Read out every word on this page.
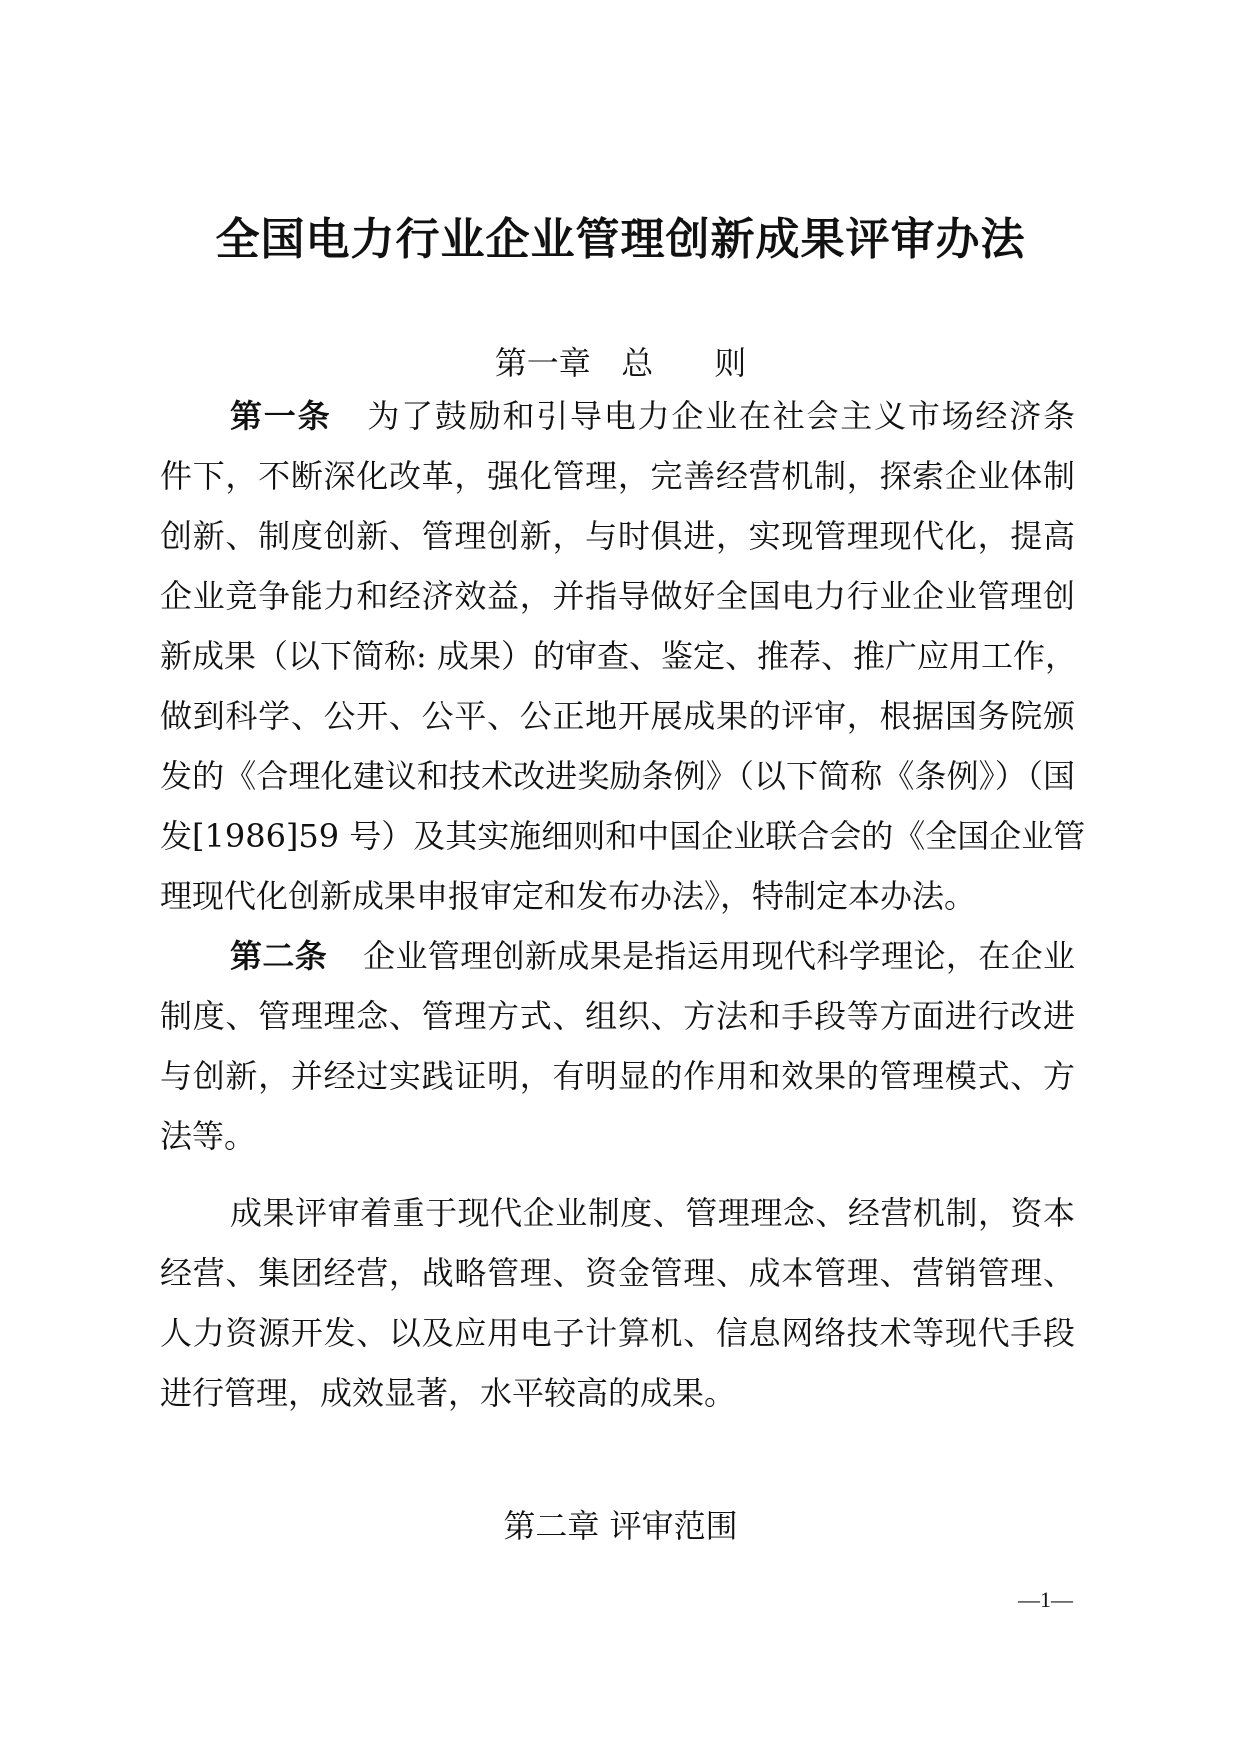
全国电力行业企业管理创新成果评审办法
第一章   总      则
第一条 为了鼓励和引导电力企业在社会主义市场经济条
件下，不断深化改革，强化管理，完善经营机制，探索企业体制
创新、制度创新、管理创新，与时俱进，实现管理现代化，提高
企业竞争能力和经济效益，并指导做好全国电力行业企业管理创
新成果（以下简称: 成果）的审查、鉴定、推荐、推广应用工作，
做到科学、公开、公平、公正地开展成果的评审，根据国务院颁
发的《合理化建议和技术改进奖励条例》（以下简称《条例》）（国
发[1986]59 号）及其实施细则和中国企业联合会的《全国企业管
理现代化创新成果申报审定和发布办法》，特制定本办法。
第二条 企业管理创新成果是指运用现代科学理论，在企业
制度、管理理念、管理方式、组织、方法和手段等方面进行改进
与创新，并经过实践证明，有明显的作用和效果的管理模式、方
法等。
成果评审着重于现代企业制度、管理理念、经营机制，资本
经营、集团经营，战略管理、资金管理、成本管理、营销管理、
人力资源开发、以及应用电子计算机、信息网络技术等现代手段
进行管理，成效显著，水平较高的成果。
第二章 评审范围
—1—
